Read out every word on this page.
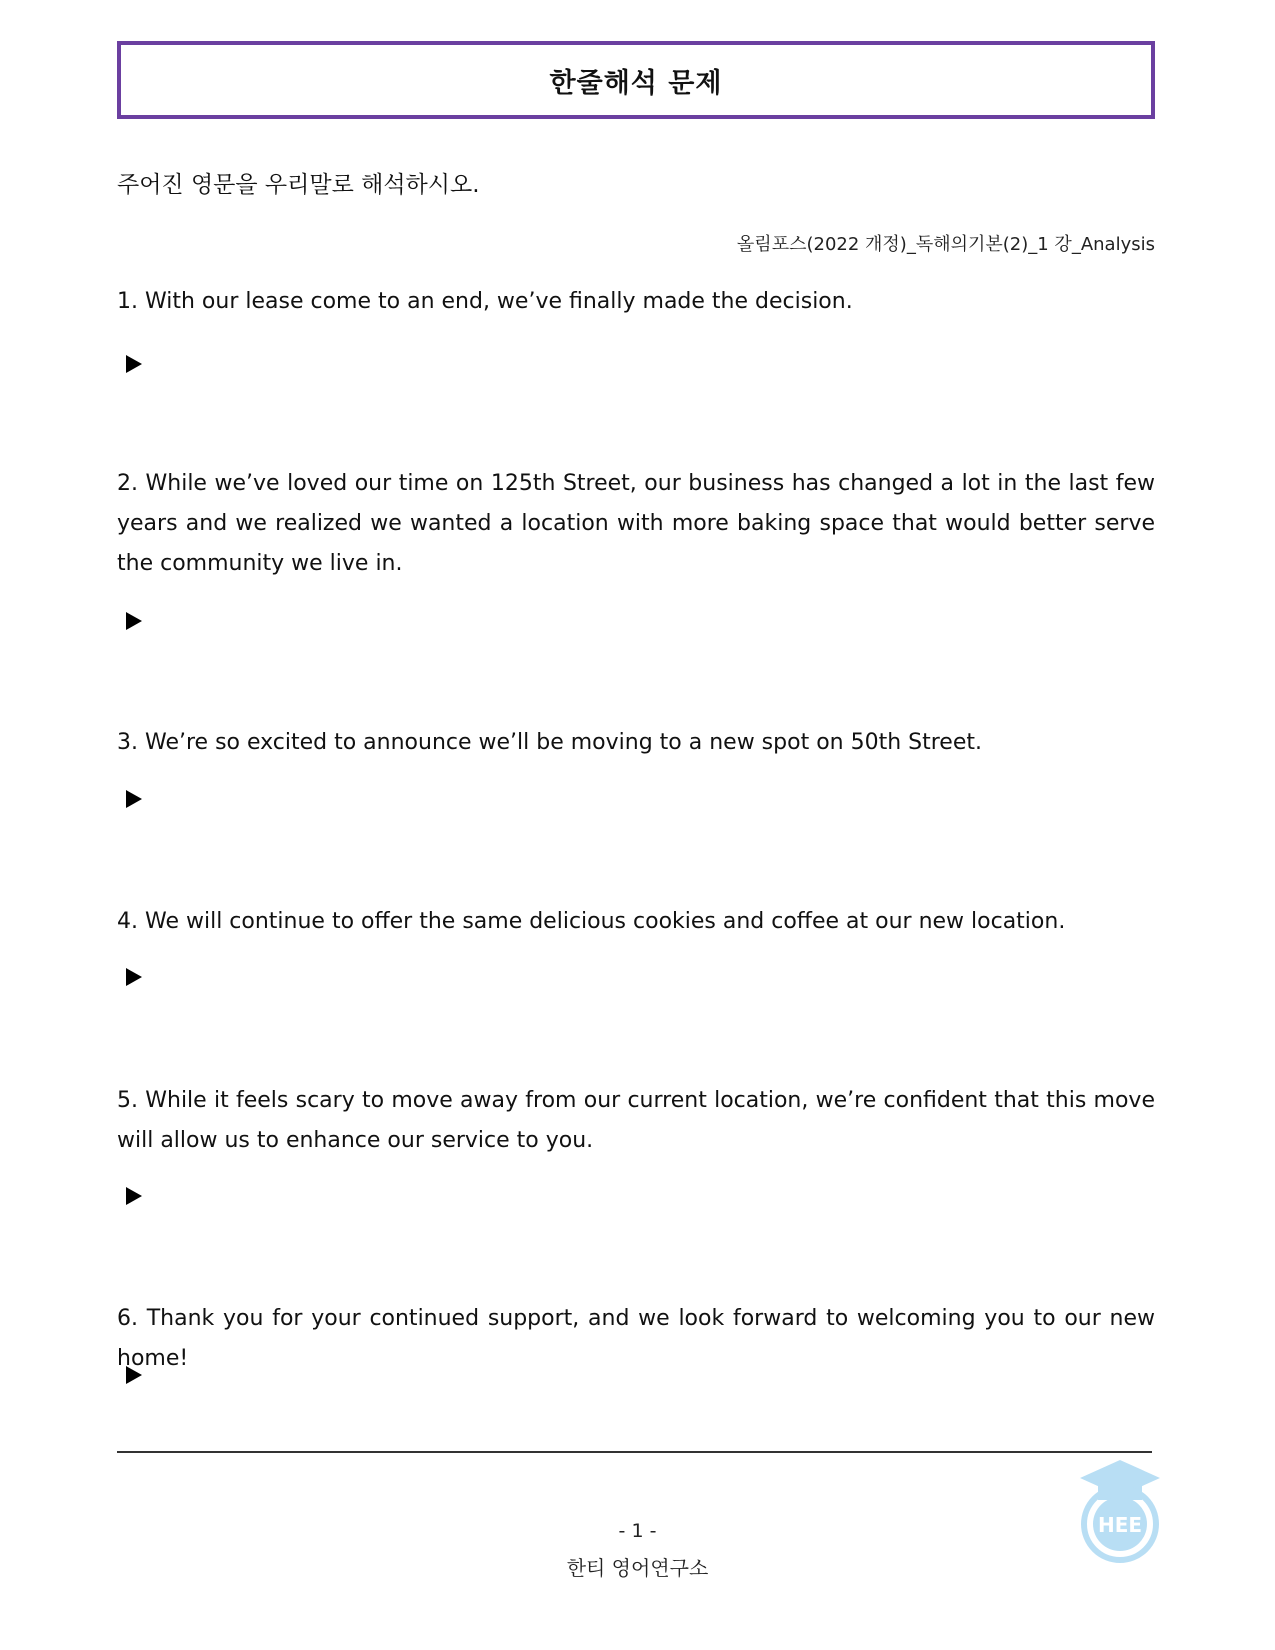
한줄해석 문제
주어진 영문을 우리말로 해석하시오.
올림포스(2022 개정)_독해의기본(2)_1 강_Analysis
1. With our lease come to an end, we’ve finally made the decision.
2. While we’ve loved our time on 125th Street, our business has changed a lot in the last few years and we realized we wanted a location with more baking space that would better serve the community we live in.
3. We’re so excited to announce we’ll be moving to a new spot on 50th Street.
4. We will continue to offer the same delicious cookies and coffee at our new location.
5. While it feels scary to move away from our current location, we’re confident that this move will allow us to enhance our service to you.
6. Thank you for your continued support, and we look forward to welcoming you to our new home!
HEE
- 1 -
한티 영어연구소
